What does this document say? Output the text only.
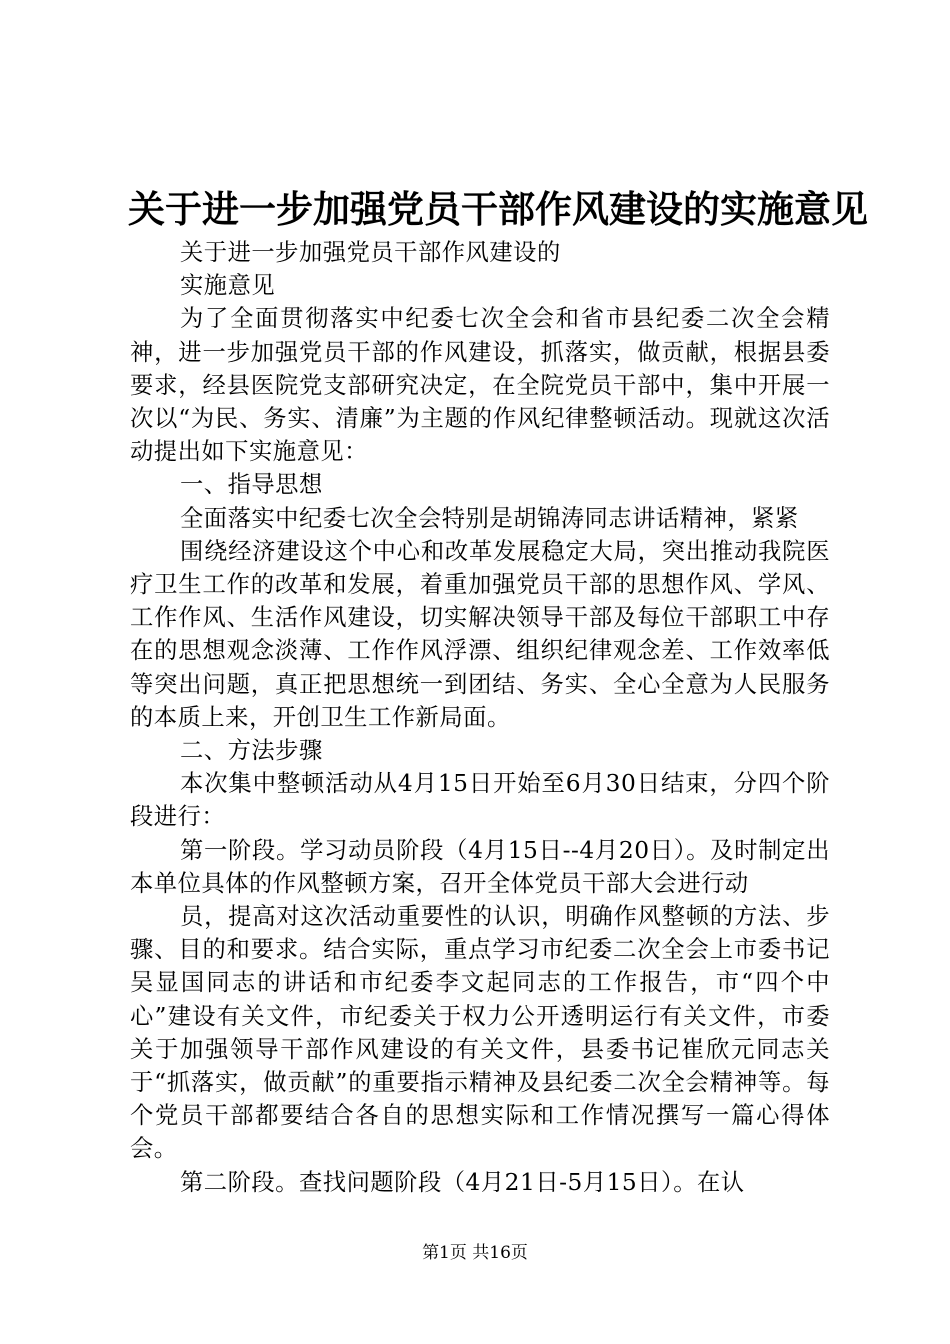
关于进一步加强党员干部作风建设的实施意见

关于进一步加强党员干部作风建设的

实施意见

为了全面贯彻落实中纪委七次全会和省市县纪委二次全会精神，进一步加强党员干部的作风建设，抓落实，做贡献，根据县委要求，经县医院党支部研究决定，在全院党员干部中，集中开展一次以“为民、务实、清廉”为主题的作风纪律整顿活动。现就这次活动提出如下实施意见：

一、指导思想

全面落实中纪委七次全会特别是胡锦涛同志讲话精神，紧紧

围绕经济建设这个中心和改革发展稳定大局，突出推动我院医疗卫生工作的改革和发展，着重加强党员干部的思想作风、学风、工作作风、生活作风建设，切实解决领导干部及每位干部职工中存在的思想观念淡薄、工作作风浮漂、组织纪律观念差、工作效率低等突出问题，真正把思想统一到团结、务实、全心全意为人民服务的本质上来，开创卫生工作新局面。

二、方法步骤

本次集中整顿活动从4月15日开始至6月30日结束，分四个阶段进行：

第一阶段。学习动员阶段（4月15日--4月20日）。及时制定出本单位具体的作风整顿方案，召开全体党员干部大会进行动

员，提高对这次活动重要性的认识，明确作风整顿的方法、步骤、目的和要求。结合实际，重点学习市纪委二次全会上市委书记吴显国同志的讲话和市纪委李文起同志的工作报告，市“四个中心”建设有关文件，市纪委关于权力公开透明运行有关文件，市委关于加强领导干部作风建设的有关文件，县委书记崔欣元同志关于“抓落实，做贡献”的重要指示精神及县纪委二次全会精神等。每个党员干部都要结合各自的思想实际和工作情况撰写一篇心得体会。

第二阶段。查找问题阶段（4月21日-5月15日）。在认

第1页 共16页
